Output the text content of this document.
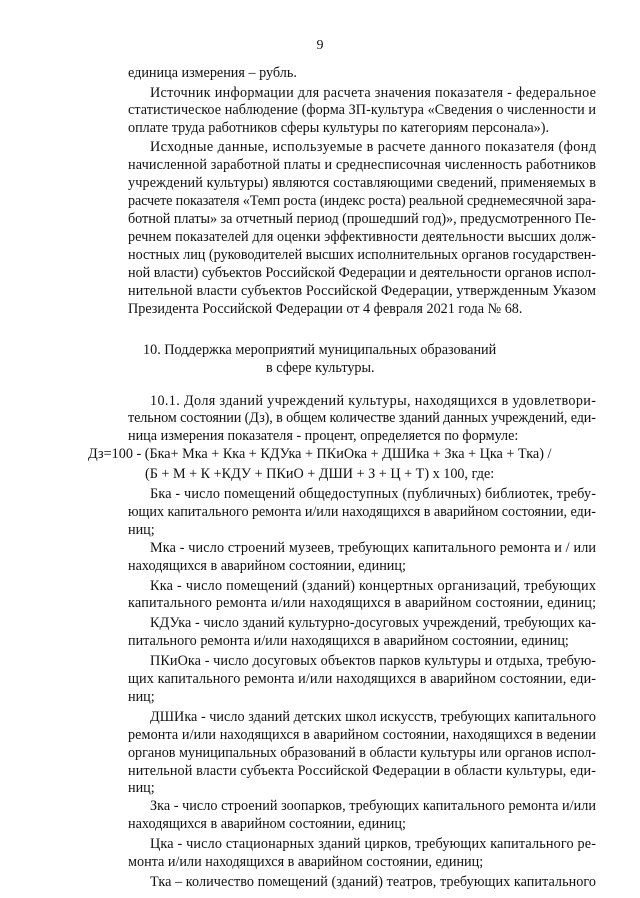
9
единица измерения – рубль.
Источник информации для расчета значения показателя - федеральное
статистическое наблюдение (форма ЗП-культура «Сведения о численности и
оплате труда работников сферы культуры по категориям персонала»).
Исходные данные, используемые в расчете данного показателя (фонд
начисленной заработной платы и среднесписочная численность работников
учреждений культуры) являются составляющими сведений, применяемых в
расчете показателя «Темп роста (индекс роста) реальной среднемесячной зара-
ботной платы» за отчетный период (прошедший год)», предусмотренного Пе-
речнем показателей для оценки эффективности деятельности высших долж-
ностных лиц (руководителей высших исполнительных органов государствен-
ной власти) субъектов Российской Федерации и деятельности органов испол-
нительной власти субъектов Российской Федерации, утвержденным Указом
Президента Российской Федерации от 4 февраля 2021 года № 68.
10. Поддержка мероприятий муниципальных образований
в сфере культуры.
10.1. Доля зданий учреждений культуры, находящихся в удовлетвори-
тельном состоянии (Дз), в общем количестве зданий данных учреждений, еди-
ница измерения показателя - процент, определяется по формуле:
Дз=100 - (Бка+ Мка + Кка + КДУка + ПКиОка + ДШИка + Зка + Цка + Тка) /
(Б + М + К +КДУ + ПКиО + ДШИ + З + Ц + Т) х 100, где:
Бка - число помещений общедоступных (публичных) библиотек, требу-
ющих капитального ремонта и/или находящихся в аварийном состоянии, еди-
ниц;
Мка - число строений музеев, требующих капитального ремонта и / или
находящихся в аварийном состоянии, единиц;
Кка - число помещений (зданий) концертных организаций, требующих
капитального ремонта и/или находящихся в аварийном состоянии, единиц;
КДУка - число зданий культурно-досуговых учреждений, требующих ка-
питального ремонта и/или находящихся в аварийном состоянии, единиц;
ПКиОка - число досуговых объектов парков культуры и отдыха, требую-
щих капитального ремонта и/или находящихся в аварийном состоянии, еди-
ниц;
ДШИка - число зданий детских школ искусств, требующих капитального
ремонта и/или находящихся в аварийном состоянии, находящихся в ведении
органов муниципальных образований в области культуры или органов испол-
нительной власти субъекта Российской Федерации в области культуры, еди-
ниц;
Зка - число строений зоопарков, требующих капитального ремонта и/или
находящихся в аварийном состоянии, единиц;
Цка - число стационарных зданий цирков, требующих капитального ре-
монта и/или находящихся в аварийном состоянии, единиц;
Тка – количество помещений (зданий) театров, требующих капитального
